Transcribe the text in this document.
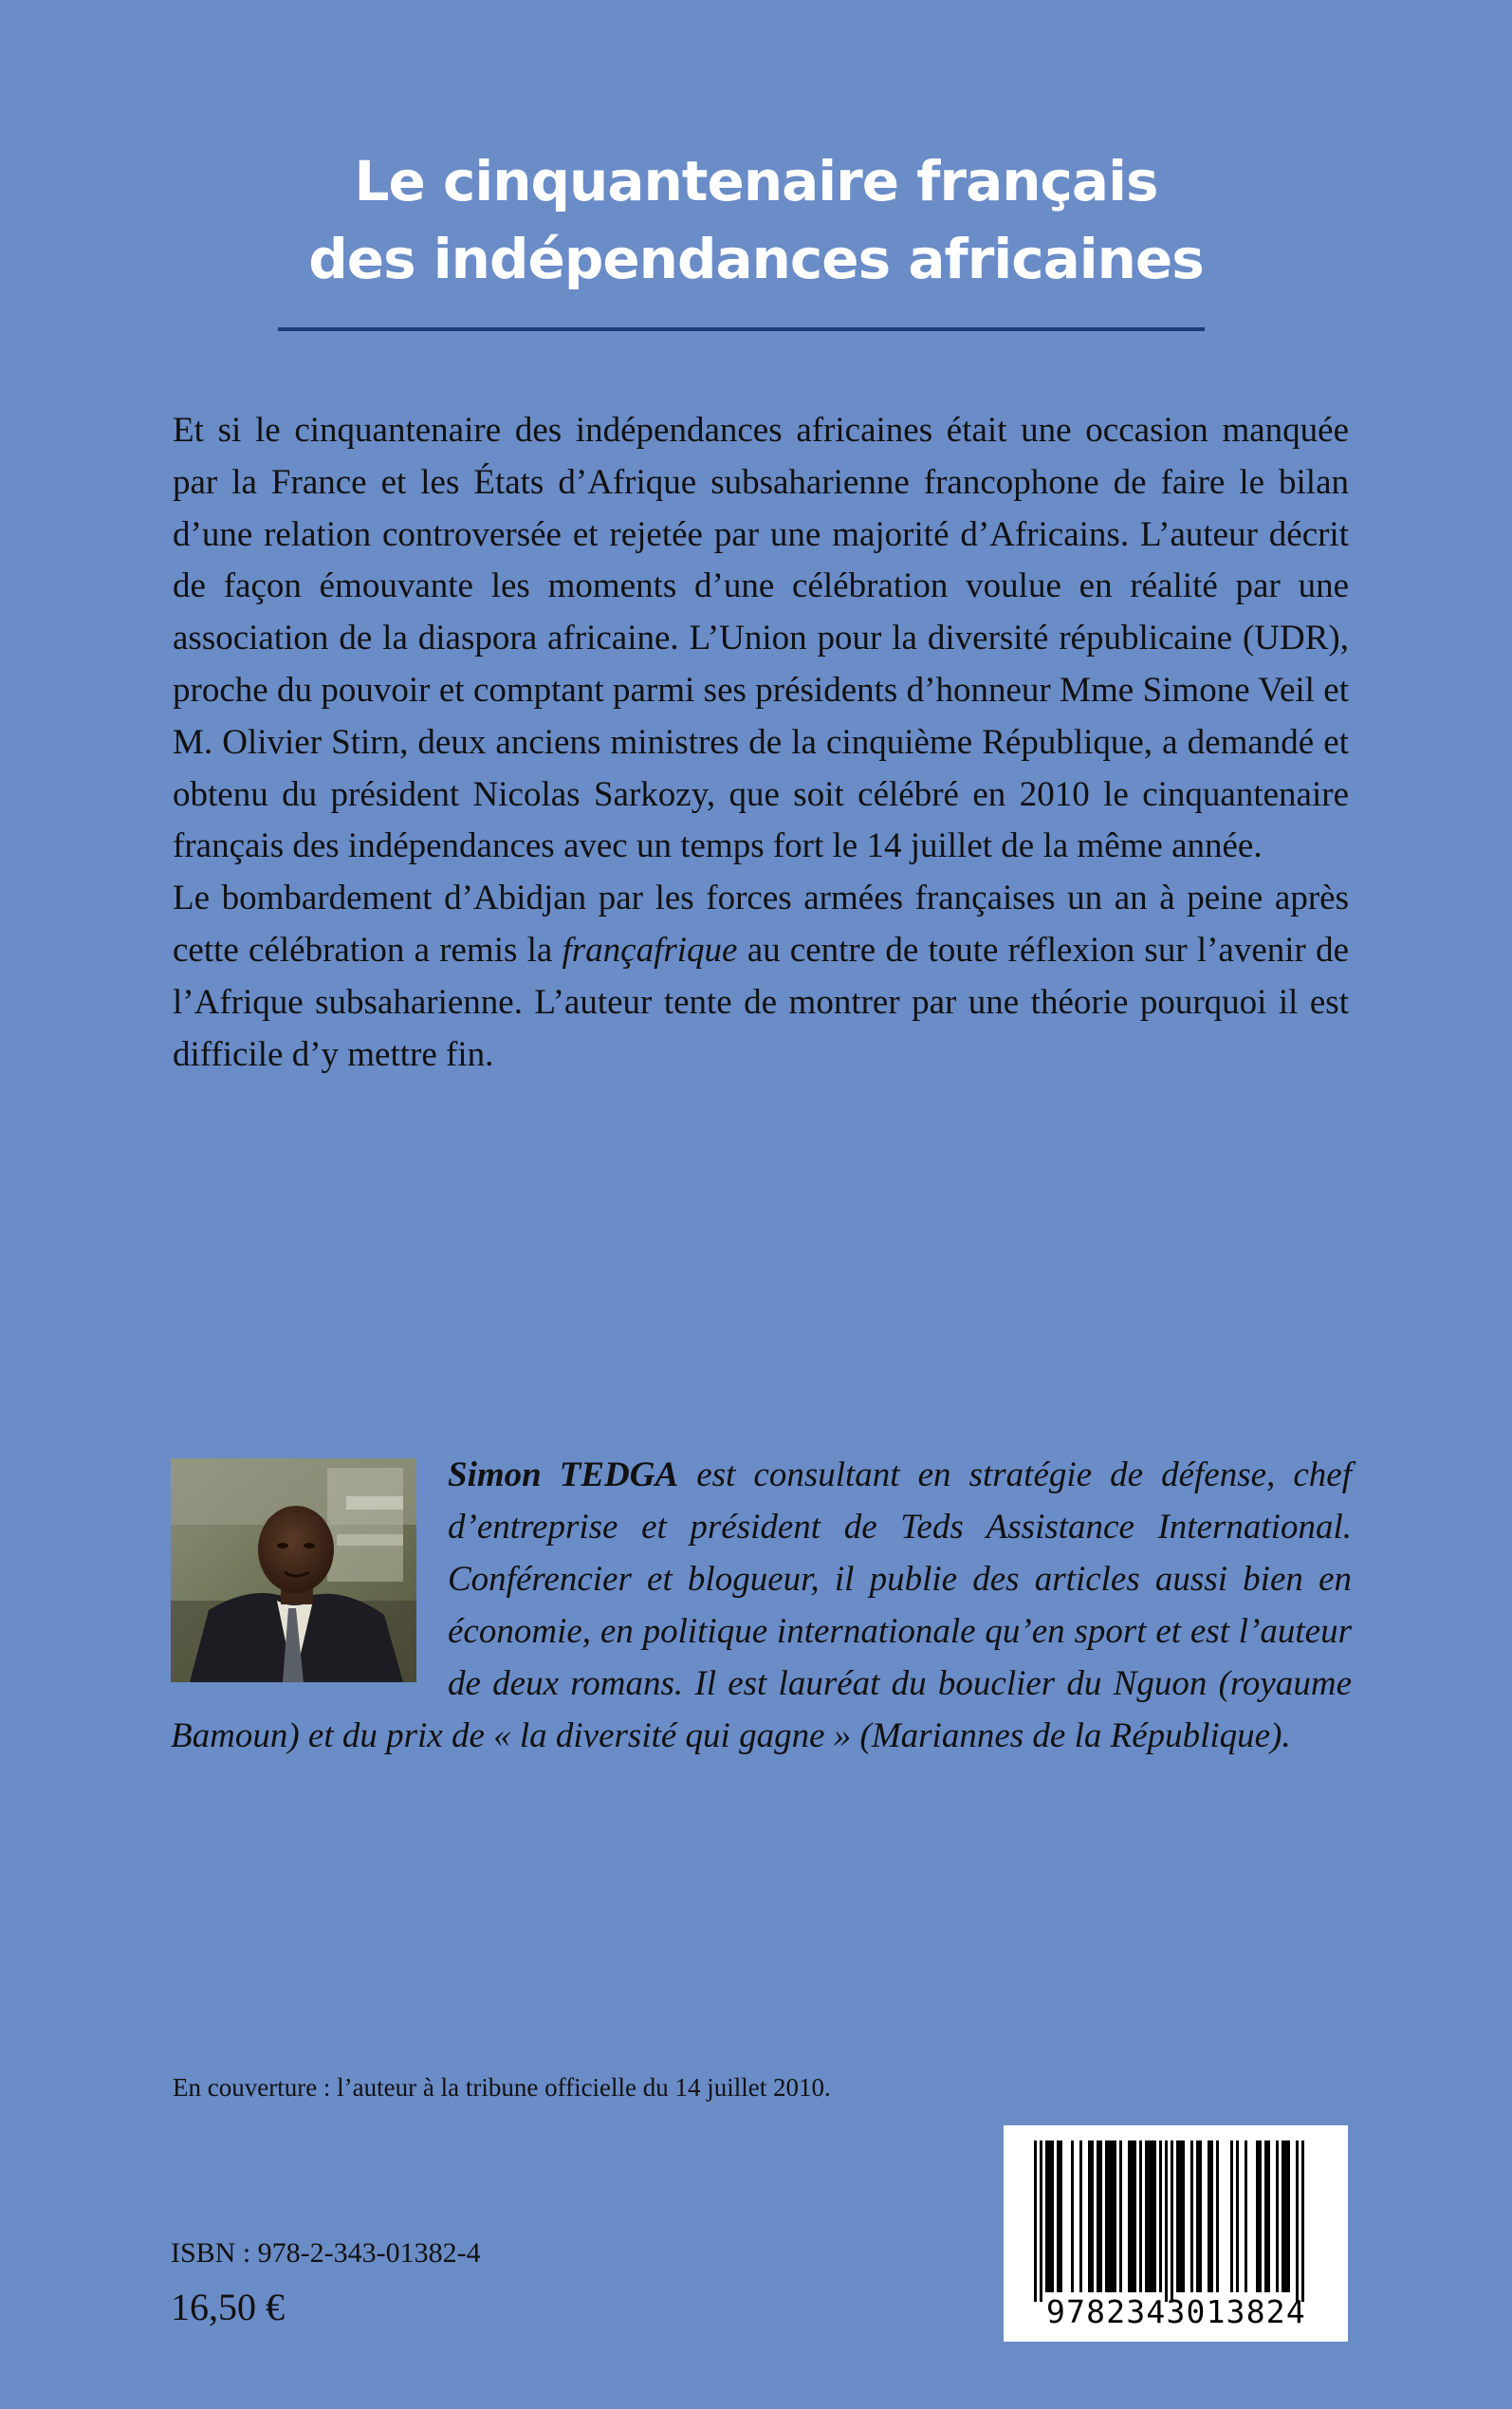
Le cinquantenaire français
des indépendances africaines

Et si le cinquantenaire des indépendances africaines était une occasion manquée par la France et les États d’Afrique subsaharienne francophone de faire le bilan d’une relation controversée et rejetée par une majorité d’Africains. L’auteur décrit de façon émouvante les moments d’une célébration voulue en réalité par une association de la diaspora africaine. L’Union pour la diversité républicaine (UDR), proche du pouvoir et comptant parmi ses présidents d’honneur Mme Simone Veil et M. Olivier Stirn, deux anciens ministres de la cinquième République, a demandé et obtenu du président Nicolas Sarkozy, que soit célébré en 2010 le cinquantenaire français des indépendances avec un temps fort le 14 juillet de la même année.

Le bombardement d’Abidjan par les forces armées françaises un an à peine après cette célébration a remis la françafrique au centre de toute réflexion sur l’avenir de l’Afrique subsaharienne. L’auteur tente de montrer par une théorie pourquoi il est difficile d’y mettre fin.

Simon TEDGA est consultant en stratégie de défense, chef d’entreprise et président de Teds Assistance International. Conférencier et blogueur, il publie des articles aussi bien en économie, en politique internationale qu’en sport et est l’auteur de deux romans. Il est lauréat du bouclier du Nguon (royaume Bamoun) et du prix de « la diversité qui gagne » (Mariannes de la République).
En couverture : l’auteur à la tribune officielle du 14 juillet 2010.
ISBN : 978-2-343-01382-4
16,50 €	9782343013824
